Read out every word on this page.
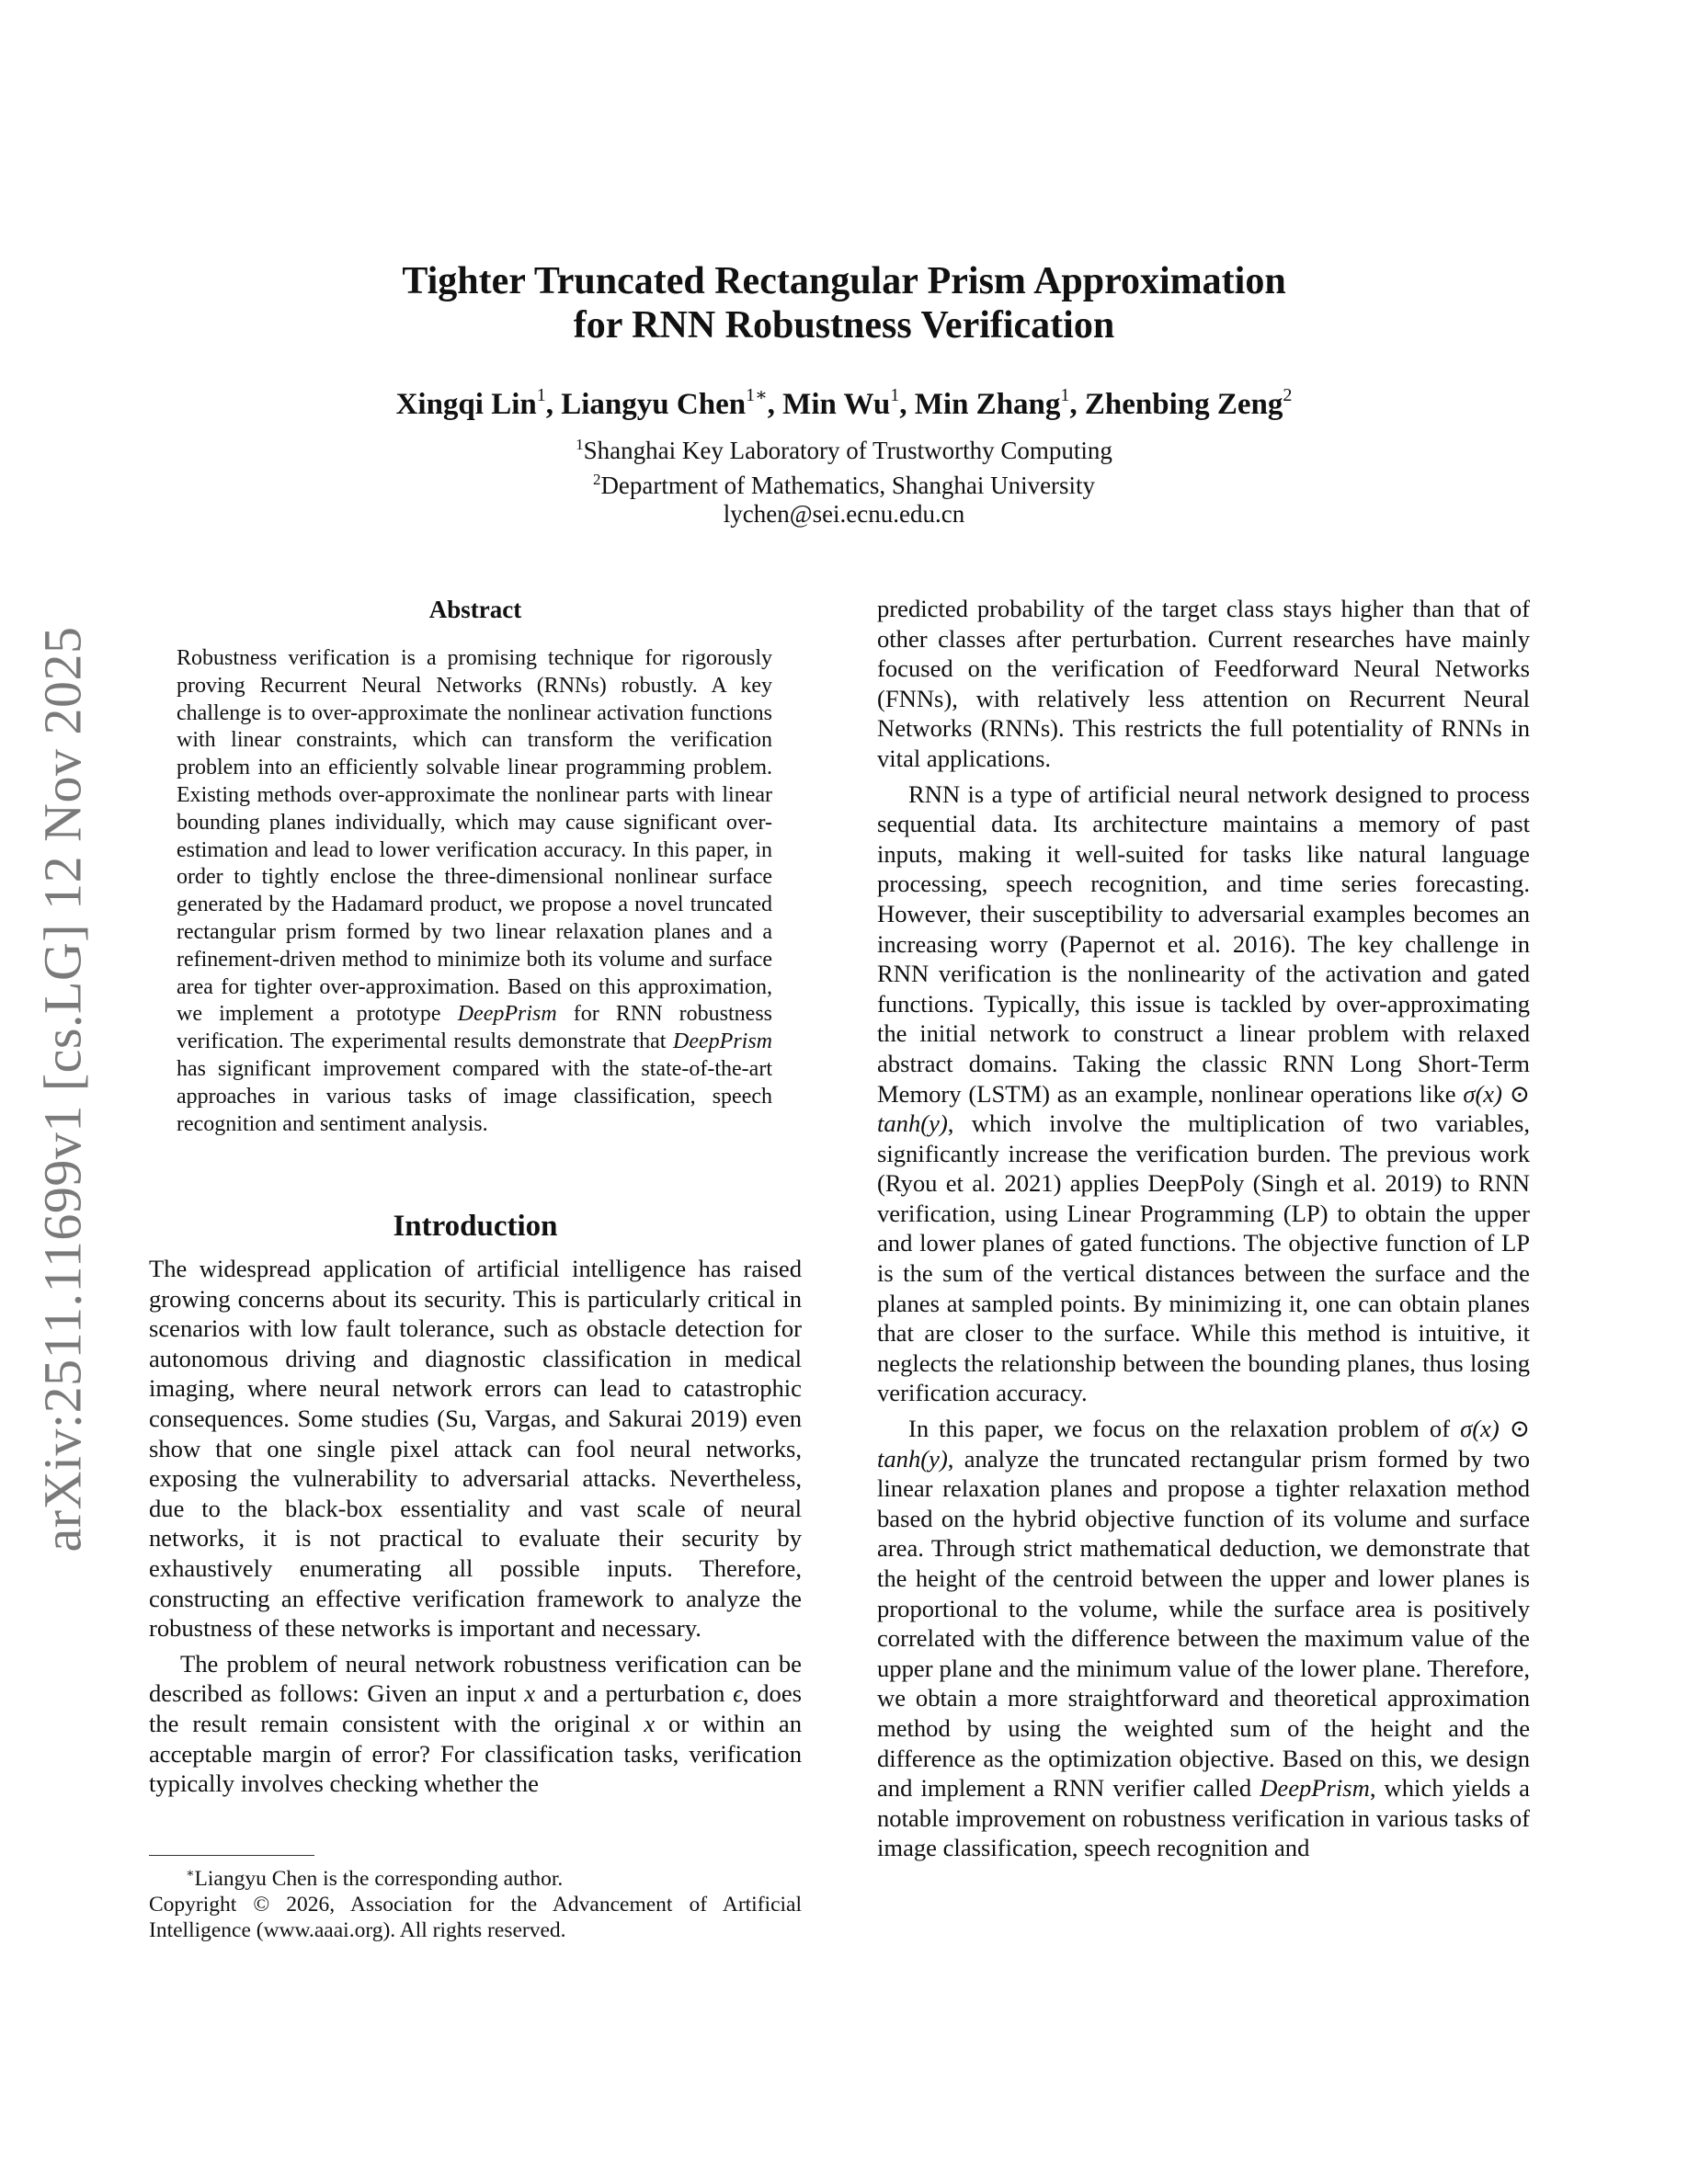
arXiv:2511.11699v1 [cs.LG] 12 Nov 2025
Tighter Truncated Rectangular Prism Approximation
for RNN Robustness Verification
Xingqi Lin$^1$, Liangyu Chen$^{1∗}$, Min Wu$^1$, Min Zhang$^1$, Zhenbing Zeng$^2$
$^1$Shanghai Key Laboratory of Trustworthy Computing
$^2$Department of Mathematics, Shanghai University
lychen@sei.ecnu.edu.cn
Abstract

Robustness verification is a promising technique for rigorously proving Recurrent Neural Networks (RNNs) robustly. A key challenge is to over-approximate the nonlinear activation functions with linear constraints, which can transform the verification problem into an efficiently solvable linear programming problem. Existing methods over-approximate the nonlinear parts with linear bounding planes individually, which may cause significant over-estimation and lead to lower verification accuracy. In this paper, in order to tightly enclose the three-dimensional nonlinear surface generated by the Hadamard product, we propose a novel truncated rectangular prism formed by two linear relaxation planes and a refinement-driven method to minimize both its volume and surface area for tighter over-approximation. Based on this approximation, we implement a prototype DeepPrism for RNN robustness verification. The experimental results demonstrate that DeepPrism has significant improvement compared with the state-of-the-art approaches in various tasks of image classification, speech recognition and sentiment analysis.

Introduction

The widespread application of artificial intelligence has raised growing concerns about its security. This is particularly critical in scenarios with low fault tolerance, such as obstacle detection for autonomous driving and diagnostic classification in medical imaging, where neural network errors can lead to catastrophic consequences. Some studies (Su, Vargas, and Sakurai 2019) even show that one single pixel attack can fool neural networks, exposing the vulnerability to adversarial attacks. Nevertheless, due to the black-box essentiality and vast scale of neural networks, it is not practical to evaluate their security by exhaustively enumerating all possible inputs. Therefore, constructing an effective verification framework to analyze the robustness of these networks is important and necessary.

The problem of neural network robustness verification can be described as follows: Given an input x and a perturbation ϵ, does the result remain consistent with the original x or within an acceptable margin of error? For classification tasks, verification typically involves checking whether the

∗Liangyu Chen is the corresponding author.

Copyright © 2026, Association for the Advancement of Artificial Intelligence (www.aaai.org). All rights reserved.

predicted probability of the target class stays higher than that of other classes after perturbation. Current researches have mainly focused on the verification of Feedforward Neural Networks (FNNs), with relatively less attention on Recurrent Neural Networks (RNNs). This restricts the full potentiality of RNNs in vital applications.

RNN is a type of artificial neural network designed to process sequential data. Its architecture maintains a memory of past inputs, making it well-suited for tasks like natural language processing, speech recognition, and time series forecasting. However, their susceptibility to adversarial examples becomes an increasing worry (Papernot et al. 2016). The key challenge in RNN verification is the nonlinearity of the activation and gated functions. Typically, this issue is tackled by over-approximating the initial network to construct a linear problem with relaxed abstract domains. Taking the classic RNN Long Short-Term Memory (LSTM) as an example, nonlinear operations like σ(x) ⊙ tanh(y), which involve the multiplication of two variables, significantly increase the verification burden. The previous work (Ryou et al. 2021) applies DeepPoly (Singh et al. 2019) to RNN verification, using Linear Programming (LP) to obtain the upper and lower planes of gated functions. The objective function of LP is the sum of the vertical distances between the surface and the planes at sampled points. By minimizing it, one can obtain planes that are closer to the surface. While this method is intuitive, it neglects the relationship between the bounding planes, thus losing verification accuracy.

In this paper, we focus on the relaxation problem of σ(x) ⊙ tanh(y), analyze the truncated rectangular prism formed by two linear relaxation planes and propose a tighter relaxation method based on the hybrid objective function of its volume and surface area. Through strict mathematical deduction, we demonstrate that the height of the centroid between the upper and lower planes is proportional to the volume, while the surface area is positively correlated with the difference between the maximum value of the upper plane and the minimum value of the lower plane. Therefore, we obtain a more straightforward and theoretical approximation method by using the weighted sum of the height and the difference as the optimization objective. Based on this, we design and implement a RNN verifier called DeepPrism, which yields a notable improvement on robustness verification in various tasks of image classification, speech recognition and
